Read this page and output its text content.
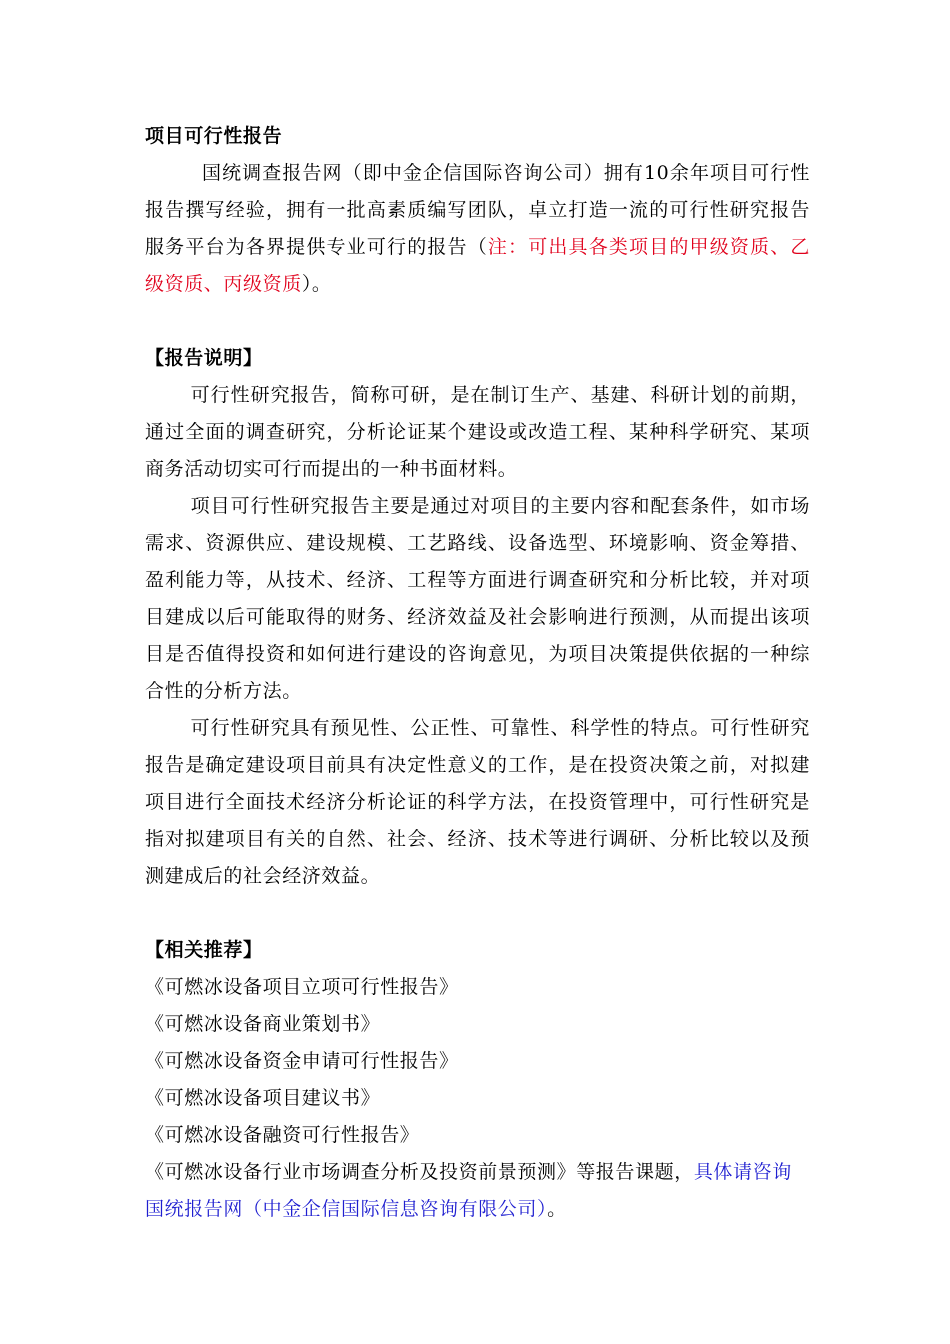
项目可行性报告

国统调查报告网（即中金企信国际咨询公司）拥有10余年项目可行性报告撰写经验，拥有一批高素质编写团队，卓立打造一流的可行性研究报告服务平台为各界提供专业可行的报告（注：可出具各类项目的甲级资质、乙级资质、丙级资质）。

【报告说明】

可行性研究报告，简称可研，是在制订生产、基建、科研计划的前期，通过全面的调查研究，分析论证某个建设或改造工程、某种科学研究、某项商务活动切实可行而提出的一种书面材料。

项目可行性研究报告主要是通过对项目的主要内容和配套条件，如市场需求、资源供应、建设规模、工艺路线、设备选型、环境影响、资金筹措、盈利能力等，从技术、经济、工程等方面进行调查研究和分析比较，并对项目建成以后可能取得的财务、经济效益及社会影响进行预测，从而提出该项目是否值得投资和如何进行建设的咨询意见，为项目决策提供依据的一种综合性的分析方法。

可行性研究具有预见性、公正性、可靠性、科学性的特点。可行性研究报告是确定建设项目前具有决定性意义的工作，是在投资决策之前，对拟建项目进行全面技术经济分析论证的科学方法，在投资管理中，可行性研究是指对拟建项目有关的自然、社会、经济、技术等进行调研、分析比较以及预测建成后的社会经济效益。

【相关推荐】

《可燃冰设备项目立项可行性报告》
《可燃冰设备商业策划书》
《可燃冰设备资金申请可行性报告》
《可燃冰设备项目建议书》
《可燃冰设备融资可行性报告》
《可燃冰设备行业市场调查分析及投资前景预测》等报告课题，具体请咨询国统报告网（中金企信国际信息咨询有限公司）。
